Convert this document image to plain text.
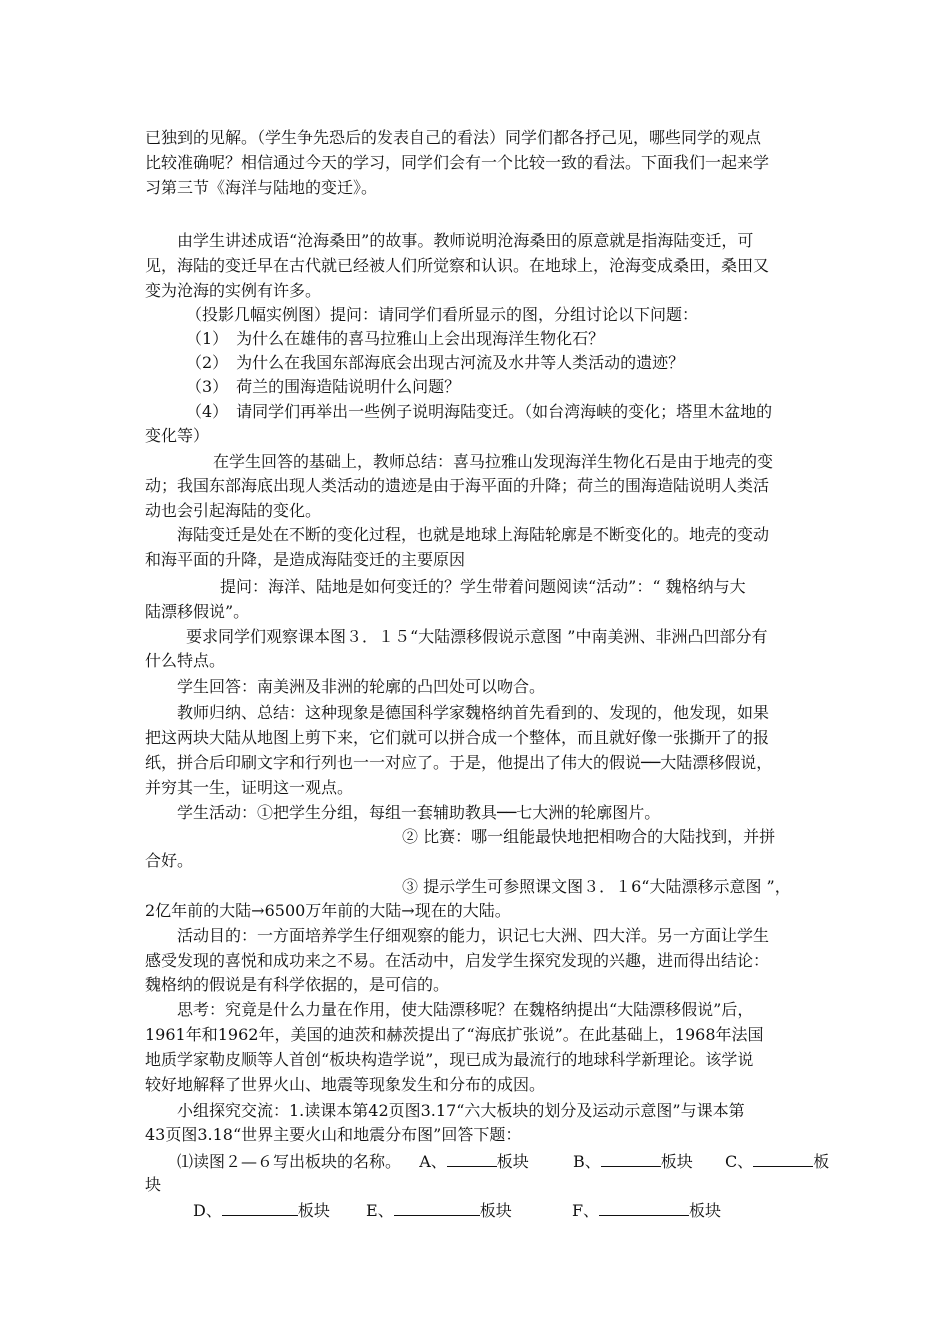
已独到的见解。（学生争先恐后的发表自己的看法）同学们都各抒己见，哪些同学的观点
比较准确呢？相信通过今天的学习，同学们会有一个比较一致的看法。下面我们一起来学
习第三节《海洋与陆地的变迁》。
由学生讲述成语“沧海桑田”的故事。教师说明沧海桑田的原意就是指海陆变迁，可
见，海陆的变迁早在古代就已经被人们所觉察和认识。在地球上，沧海变成桑田，桑田又
变为沧海的实例有许多。
（投影几幅实例图）提问：请同学们看所显示的图，分组讨论以下问题：
（1）　为什么在雄伟的喜马拉雅山上会出现海洋生物化石？
（2）　为什么在我国东部海底会出现古河流及水井等人类活动的遗迹？
（3）　荷兰的围海造陆说明什么问题？
（4）　请同学们再举出一些例子说明海陆变迁。（如台湾海峡的变化；塔里木盆地的
变化等）
在学生回答的基础上，教师总结：喜马拉雅山发现海洋生物化石是由于地壳的变
动；我国东部海底出现人类活动的遗迹是由于海平面的升降；荷兰的围海造陆说明人类活
动也会引起海陆的变化。
海陆变迁是处在不断的变化过程，也就是地球上海陆轮廓是不断变化的。地壳的变动
和海平面的升降，是造成海陆变迁的主要原因
提问：海洋、陆地是如何变迁的？学生带着问题阅读“活动”：“ 魏格纳与大
陆漂移假说”。
要求同学们观察课本图３．１５“大陆漂移假说示意图 ”中南美洲、非洲凸凹部分有
什么特点。
学生回答：南美洲及非洲的轮廓的凸凹处可以吻合。
教师归纳、总结：这种现象是德国科学家魏格纳首先看到的、发现的，他发现，如果
把这两块大陆从地图上剪下来，它们就可以拼合成一个整体，而且就好像一张撕开了的报
纸，拼合后印刷文字和行列也一一对应了。于是，他提出了伟大的假说──大陆漂移假说，
并穷其一生，证明这一观点。
学生活动：①把学生分组，每组一套辅助教具──七大洲的轮廓图片。
② 比赛：哪一组能最快地把相吻合的大陆找到，并拼
合好。
③ 提示学生可参照课文图３．１6“大陆漂移示意图 ”，
2亿年前的大陆→6500万年前的大陆→现在的大陆。
活动目的：一方面培养学生仔细观察的能力，识记七大洲、四大洋。另一方面让学生
感受发现的喜悦和成功来之不易。在活动中，启发学生探究发现的兴趣，进而得出结论：
魏格纳的假说是有科学依据的，是可信的。
思考：究竟是什么力量在作用，使大陆漂移呢？在魏格纳提出“大陆漂移假说”后，
1961年和1962年，美国的迪茨和赫茨提出了“海底扩张说”。在此基础上，1968年法国
地质学家勒皮顺等人首创“板块构造学说”，现已成为最流行的地球科学新理论。该学说
较好地解释了世界火山、地震等现象发生和分布的成因。
小组探究交流：1.读课本第42页图3.17“六大板块的划分及运动示意图”与课本第
43页图3.18“世界主要火山和地震分布图”回答下题：
⑴读图２—６写出板块的名称。 A、	板块	B、	板块 C、	板
块
D、	板块 E、	板块	F、	板块
